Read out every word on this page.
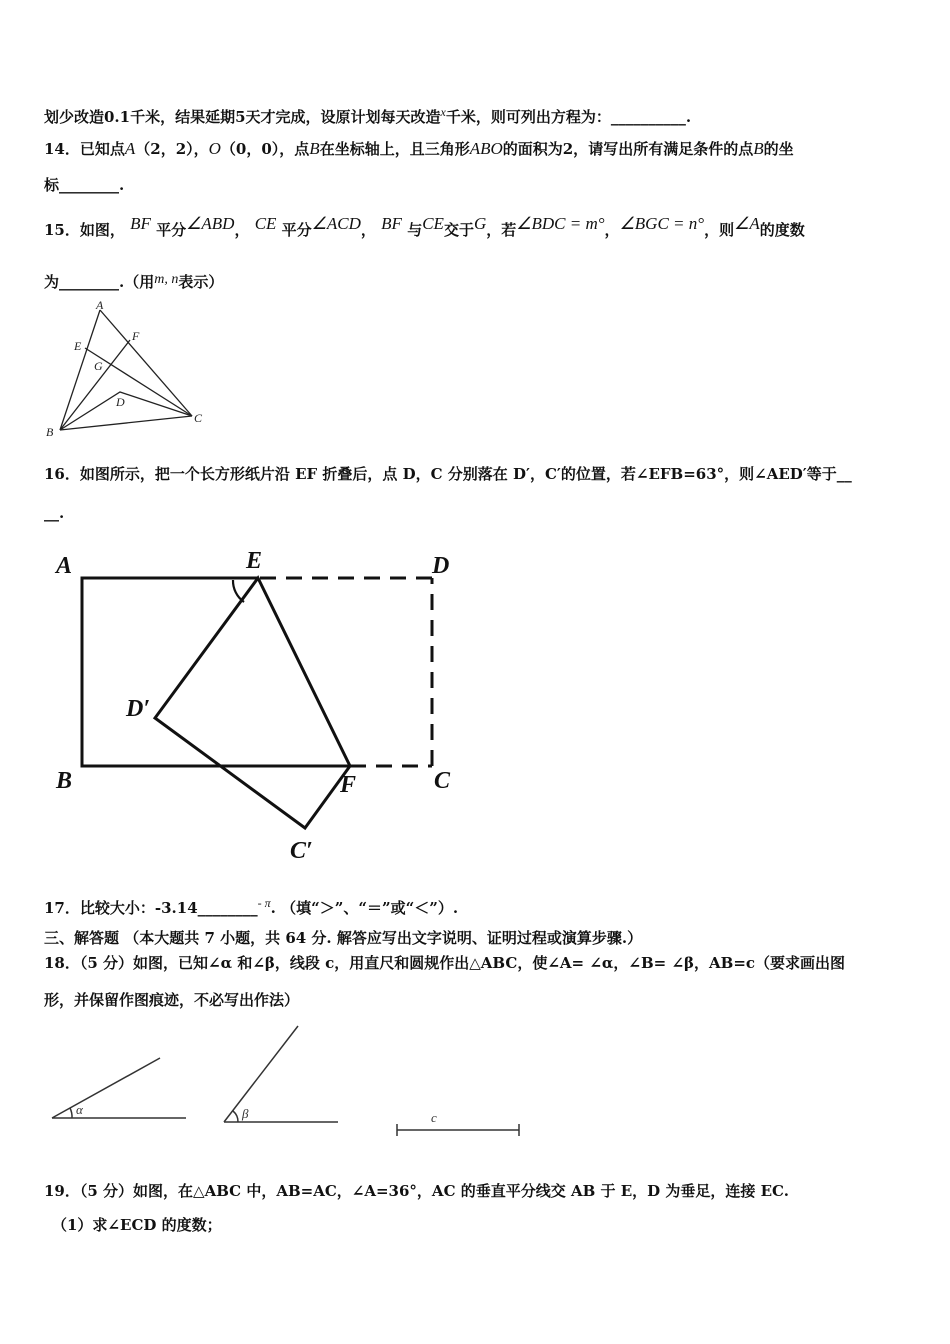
划少改造0.1千米，结果延期5天才完成，设原计划每天改造$^x$千米，则可列出方程为：__________.
14．已知点A（2，2），O（0，0），点B在坐标轴上，且三角形ABO的面积为2，请写出所有满足条件的点B的坐
标________.
15．如图， BF 平分∠ABD， CE 平分∠ACD， BF 与CE交于G，若∠BDC = m°，∠BGC = n°，则∠A的度数
为________.（用m, n表示）
A
E
F
G
D
B
C
16．如图所示，把一个长方形纸片沿 EF 折叠后，点 D，C 分别落在 D′，C′的位置，若∠EFB=63°，则∠AED′等于__
__.
A	E	D
D′
B	F	C
C′
17．比较大小：-3.14________$^{- \pi}$. （填“＞”、“＝”或“＜”）.
三、解答题 （本大题共 7 小题，共 64 分. 解答应写出文字说明、证明过程或演算步骤.）
18．（5 分）如图，已知∠α 和∠β，线段 c，用直尺和圆规作出△ABC，使∠A= ∠α，∠B= ∠β，AB=c（要求画出图
形，并保留作图痕迹，不必写出作法）
α	β	c
19．（5 分）如图，在△ABC 中，AB=AC，∠A=36°，AC 的垂直平分线交 AB 于 E，D 为垂足，连接 EC.
（1）求∠ECD 的度数；
